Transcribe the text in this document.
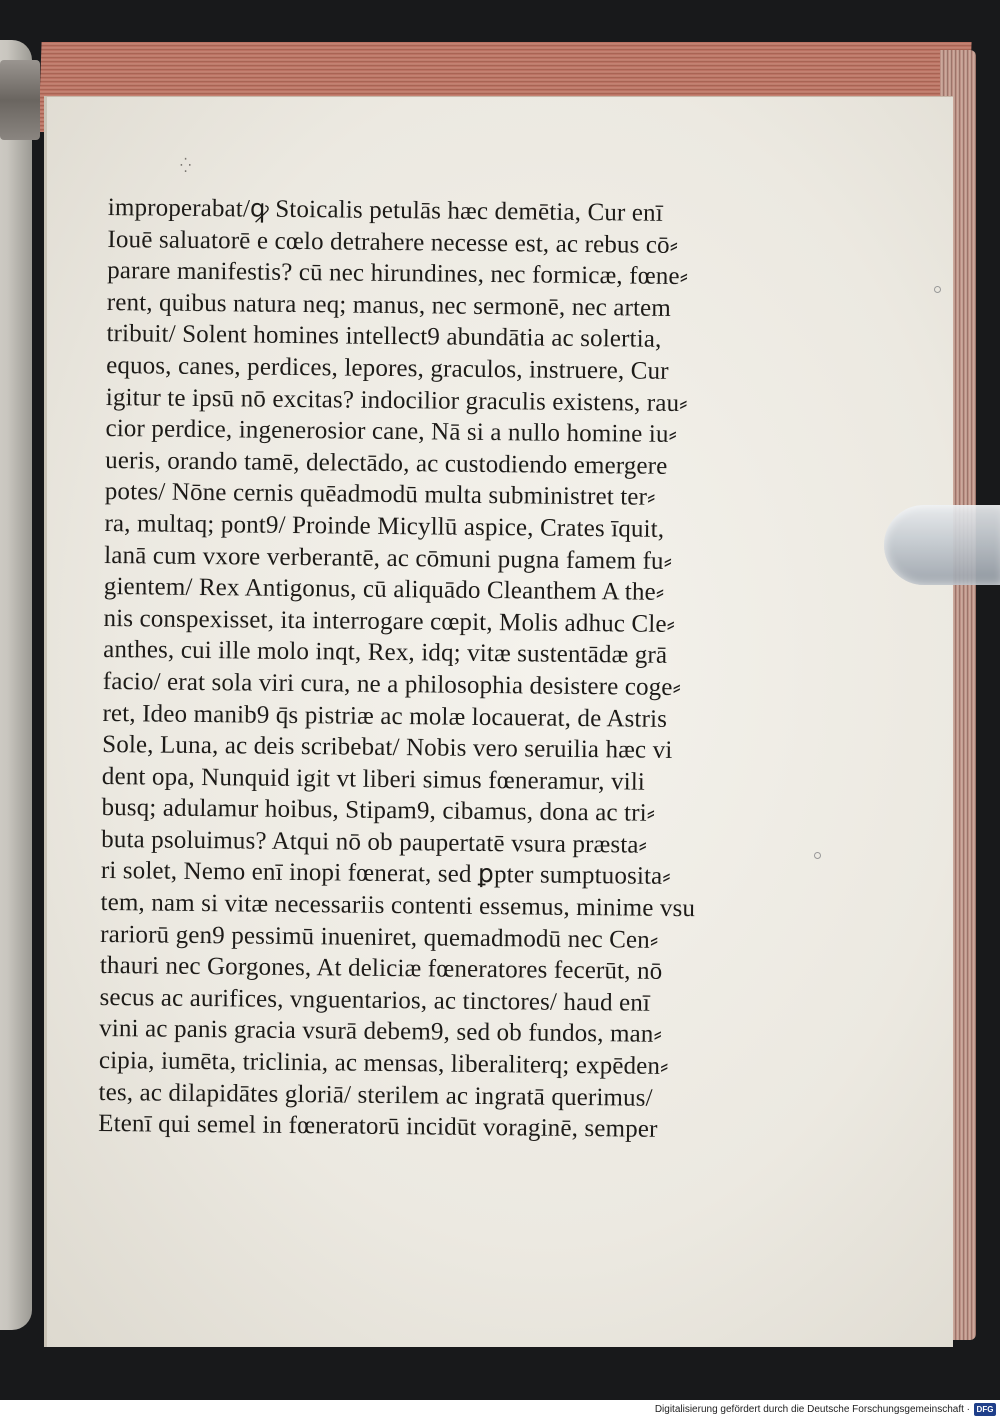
⁛
improperabat/ꝙ Stoicalis petulās hæc demētia, Cur enī
Iouē saluatorē e cœlo detrahere necesse est, ac rebus cō⸗
parare manifestis? cū nec hirundines, nec formicæ, fœne⸗
rent, quibus natura neq; manus, nec sermonē, nec artem
tribuit/ Solent homines intellect9 abundātia ac solertia,
equos, canes, perdices, lepores, graculos, instruere, Cur
igitur te ipsū nō excitas? indocilior graculis existens, rau⸗
cior perdice, ingenerosior cane, Nā si a nullo homine iu⸗
ueris, orando tamē, delectādo, ac custodiendo emergere
potes/ Nōne cernis quēadmodū multa subministret ter⸗
ra, multaq; pont9/ Proinde Micyllū aspice, Crates īquit,
lanā cum vxore verberantē, ac cōmuni pugna famem fu⸗
gientem/ Rex Antigonus, cū aliquādo Cleanthem A the⸗
nis conspexisset, ita interrogare cœpit, Molis adhuc Cle⸗
anthes, cui ille molo inqt, Rex, idq; vitæ sustentādæ grā
facio/ erat sola viri cura, ne a philosophia desistere coge⸗
ret, Ideo manib9 q̄s pistriæ ac molæ locauerat, de Astris
Sole, Luna, ac deis scribebat/ Nobis vero seruilia hæc vi
dent opa, Nunquid igit vt liberi simus fœneramur, vili
busq; adulamur hoibus, Stipam9, cibamus, dona ac tri⸗
buta psoluimus? Atqui nō ob paupertatē vsura præsta⸗
ri solet, Nemo enī inopi fœnerat, sed ꝑpter sumptuosita⸗
tem, nam si vitæ necessariis contenti essemus, minime vsu
rariorū gen9 pessimū inueniret, quemadmodū nec Cen⸗
thauri nec Gorgones, At deliciæ fœneratores fecerūt, nō
secus ac aurifices, vnguentarios, ac tinctores/ haud enī
vini ac panis gracia vsurā debem9, sed ob fundos, man⸗
cipia, iumēta, triclinia, ac mensas, liberaliterq; expēden⸗
tes, ac dilapidātes gloriā/ sterilem ac ingratā querimus/
Etenī qui semel in fœneratorū incidūt voraginē, semper
Digitalisierung gefördert durch die Deutsche Forschungsgemeinschaft · DFG
